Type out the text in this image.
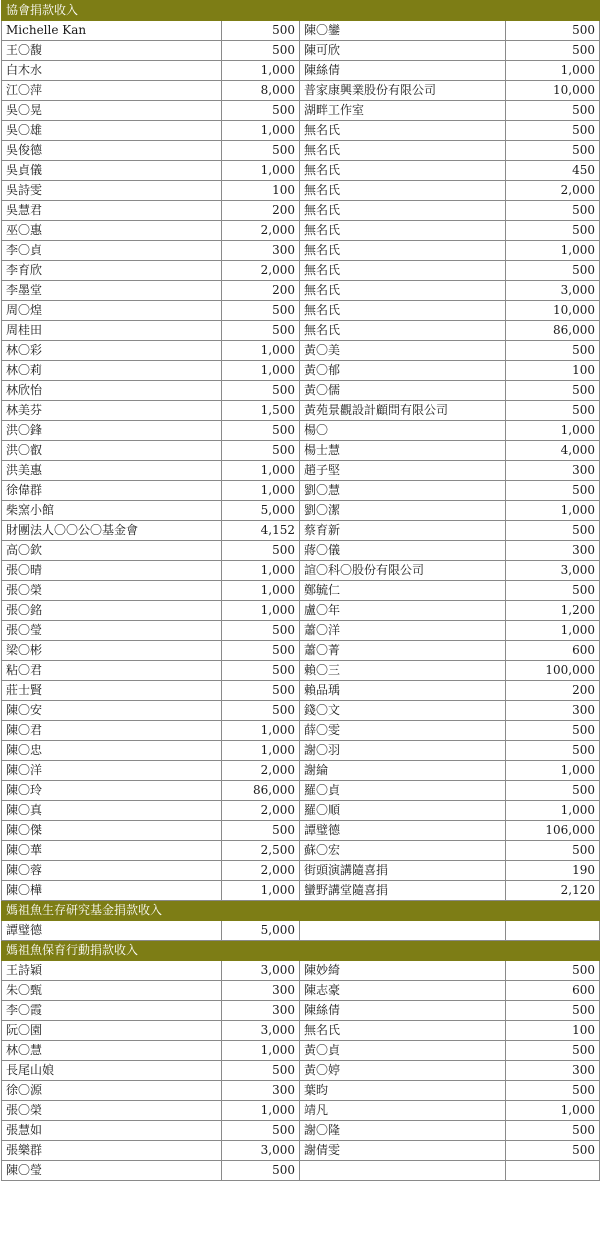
協會捐款收入			
Michelle Kan	500	陳〇鑾	500
王〇馥	500	陳可欣	500
白木水	1,000	陳絲倩	1,000
江〇萍	8,000	普家康興業股份有限公司	10,000
吳〇晃	500	湖畔工作室	500
吳〇雄	1,000	無名氏	500
吳俊德	500	無名氏	500
吳貞儀	1,000	無名氏	450
吳詩雯	100	無名氏	2,000
吳慧君	200	無名氏	500
巫〇惠	2,000	無名氏	500
李〇貞	300	無名氏	1,000
李育欣	2,000	無名氏	500
李墨堂	200	無名氏	3,000
周〇煌	500	無名氏	10,000
周桂田	500	無名氏	86,000
林〇彩	1,000	黃〇美	500
林〇莉	1,000	黃〇郁	100
林欣怡	500	黃〇儒	500
林美芬	1,500	黃苑景觀設計顧問有限公司	500
洪〇鋒	500	楊〇	1,000
洪〇叡	500	楊士慧	4,000
洪美惠	1,000	趙子堅	300
徐偉群	1,000	劉〇慧	500
柴窯小館	5,000	劉〇潔	1,000
財團法人〇〇公〇基金會	4,152	蔡育新	500
高〇欽	500	蔣〇儀	300
張〇晴	1,000	諠〇科〇股份有限公司	3,000
張〇榮	1,000	鄭毓仁	500
張〇銘	1,000	盧〇年	1,200
張〇瑩	500	蕭〇洋	1,000
梁〇彬	500	蕭〇菁	600
粘〇君	500	賴〇三	100,000
莊士賢	500	賴品瑀	200
陳〇安	500	錢〇文	300
陳〇君	1,000	薛〇雯	500
陳〇忠	1,000	謝〇羽	500
陳〇洋	2,000	謝綸	1,000
陳〇玲	86,000	羅〇貞	500
陳〇真	2,000	羅〇順	1,000
陳〇傑	500	譚璧德	106,000
陳〇華	2,500	蘇〇宏	500
陳〇蓉	2,000	街頭演講隨喜捐	190
陳〇樺	1,000	蠻野講堂隨喜捐	2,120
媽祖魚生存研究基金捐款收入			
譚璧德	5,000		
媽祖魚保育行動捐款收入			
王詩穎	3,000	陳妙綺	500
朱〇甄	300	陳志豪	600
李〇霞	300	陳絲倩	500
阮〇園	3,000	無名氏	100
林〇慧	1,000	黃〇貞	500
長尾山娘	500	黃〇婷	300
徐〇源	300	葉昀	500
張〇榮	1,000	靖凡	1,000
張慧如	500	謝〇隆	500
張樂群	3,000	謝倩雯	500
陳〇瑩	500		
